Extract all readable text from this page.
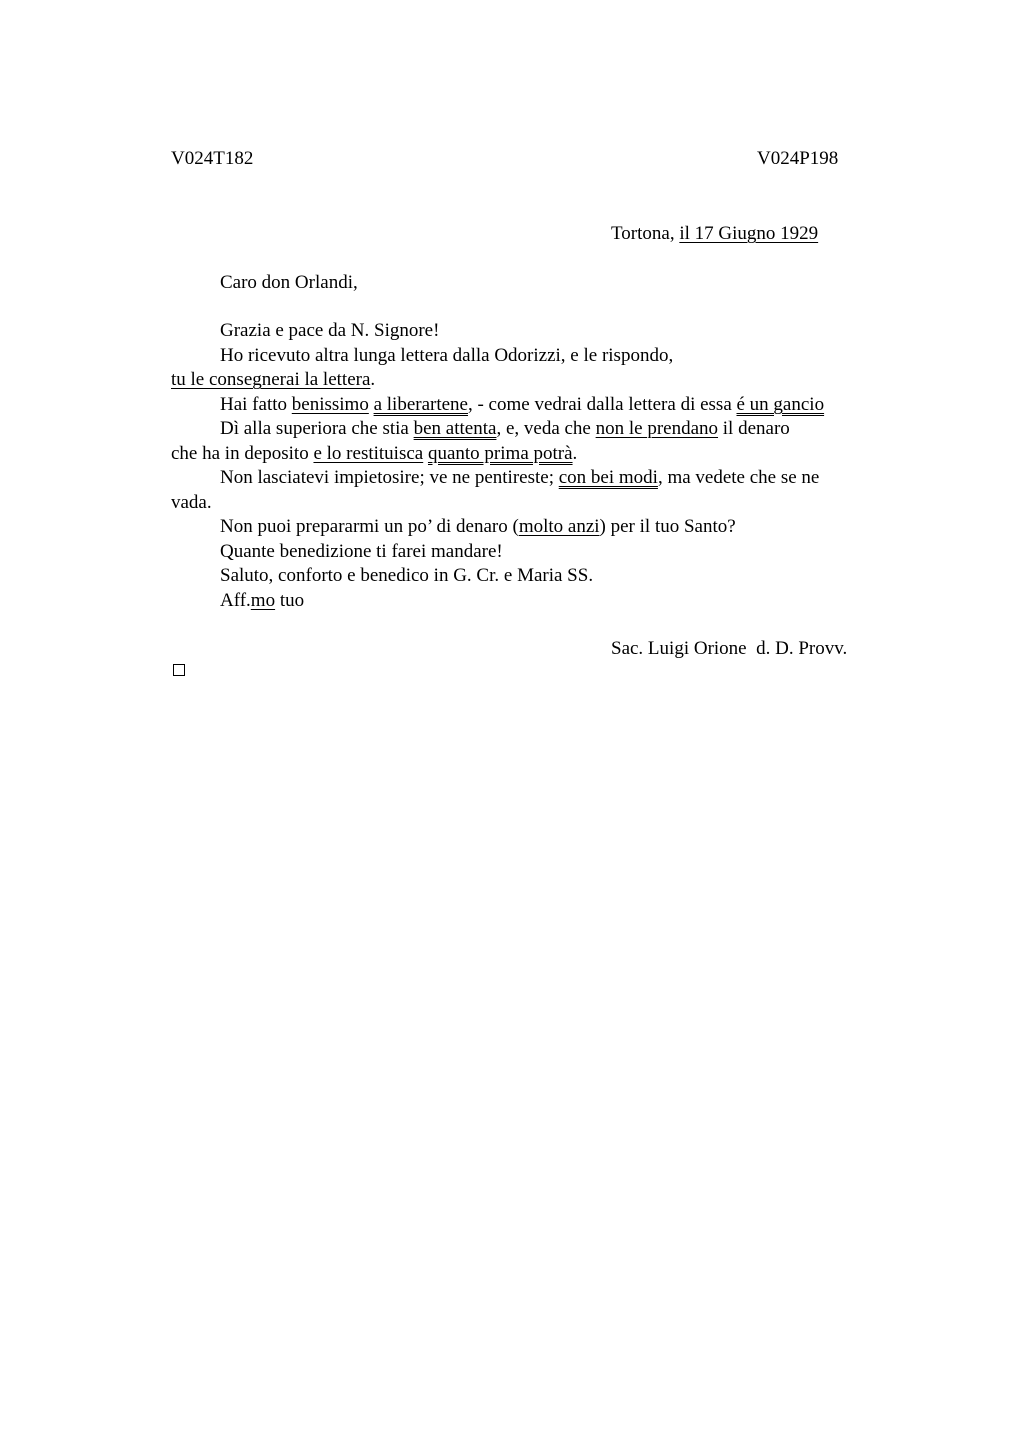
V024T182	V024P198
Tortona, il 17 Giugno 1929
Caro don Orlandi,
Grazia e pace da N. Signore!
Ho ricevuto altra lunga lettera dalla Odorizzi, e le rispondo,
tu le consegnerai la lettera.
Hai fatto benissimo a liberartene, - come vedrai dalla lettera di essa é un gancio
Dì alla superiora che stia ben attenta, e, veda che non le prendano il denaro
che ha in deposito e lo restituisca quanto prima potrà.
Non lasciatevi impietosire; ve ne pentireste; con bei modi, ma vedete che se ne
vada.
Non puoi prepararmi un po’ di denaro (molto anzi) per il tuo Santo?
Quante benedizione ti farei mandare!
Saluto, conforto e benedico in G. Cr. e Maria SS.
Aff.mo tuo
Sac. Luigi Orione  d. D. Provv.
